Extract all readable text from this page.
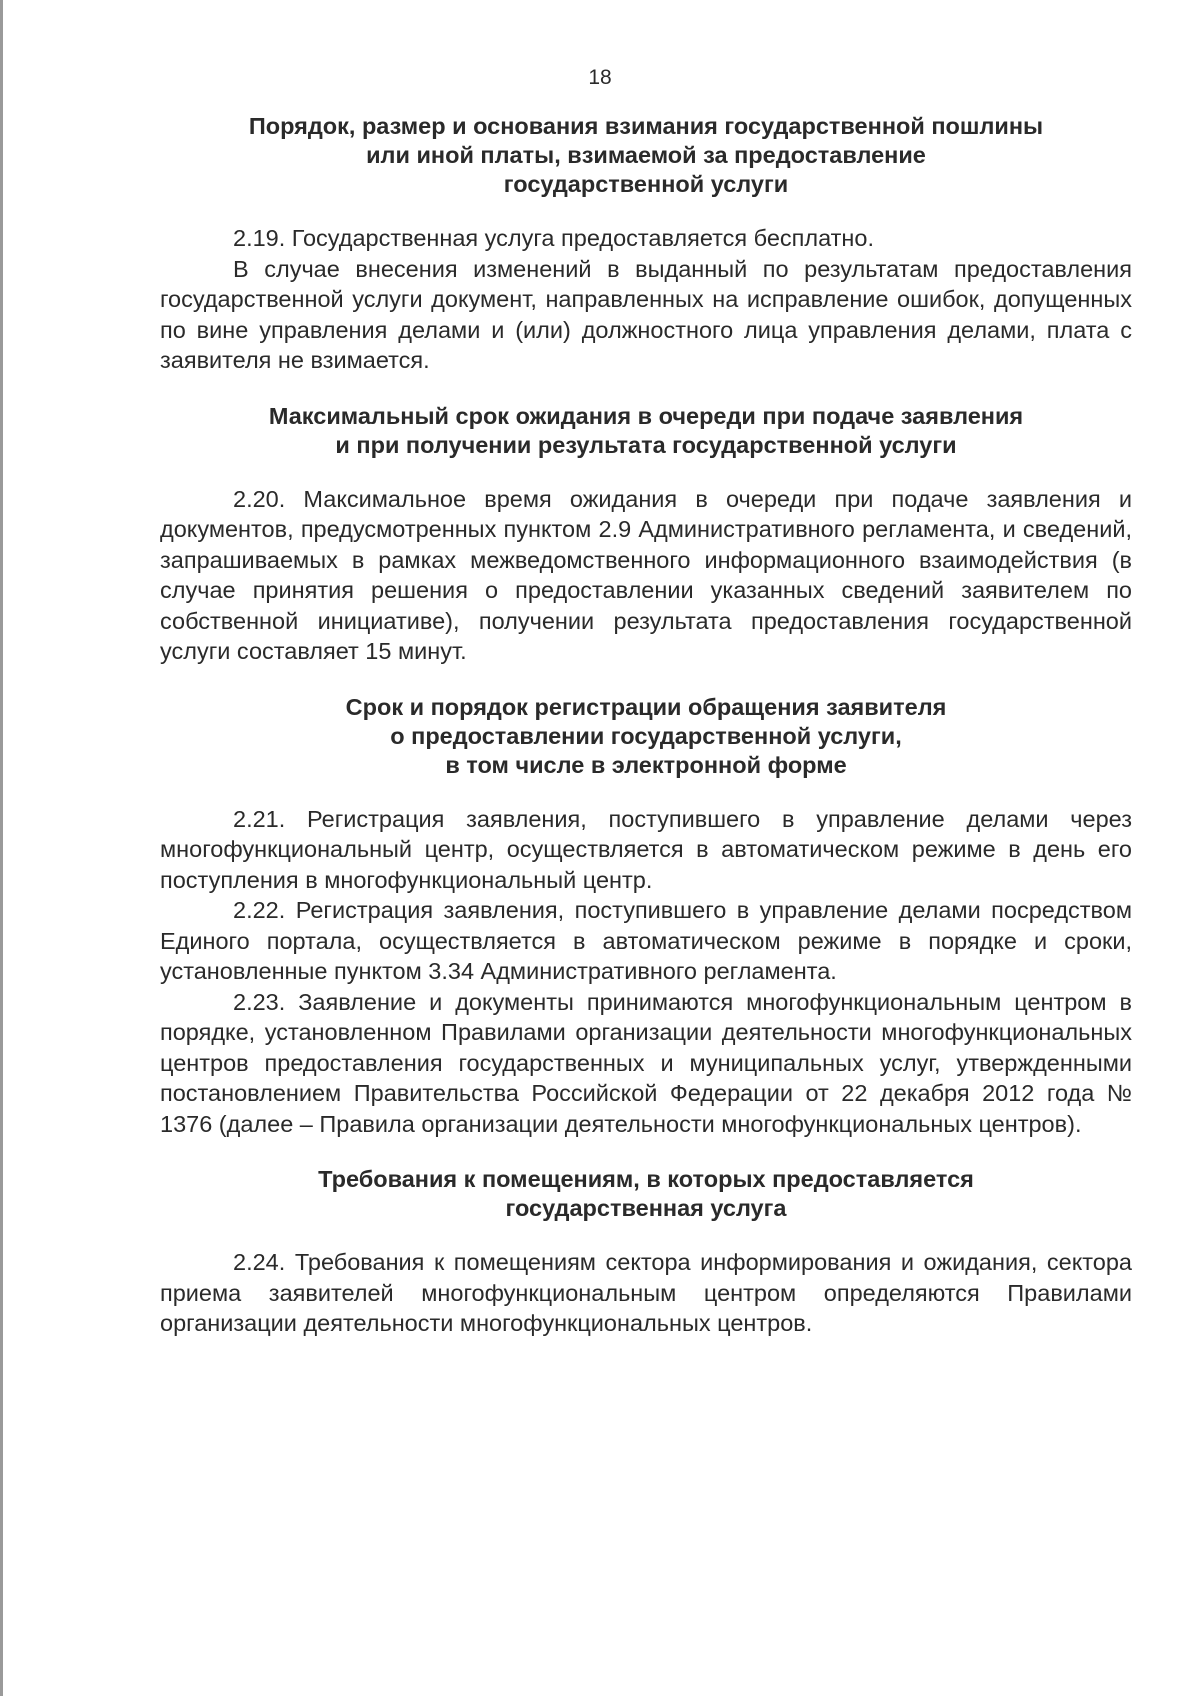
18
Порядок, размер и основания взимания государственной пошлины
или иной платы, взимаемой за предоставление
государственной услуги

2.19. Государственная услуга предоставляется бесплатно.

В случае внесения изменений в выданный по результатам предоставления государственной услуги документ, направленных на исправление ошибок, допущенных по вине управления делами и (или) должностного лица управления делами, плата с заявителя не взимается.

Максимальный срок ожидания в очереди при подаче заявления
и при получении результата государственной услуги

2.20. Максимальное время ожидания в очереди при подаче заявления и документов, предусмотренных пунктом 2.9 Административного регламента, и сведений, запрашиваемых в рамках межведомственного информационного взаимодействия (в случае принятия решения о предоставлении указанных сведений заявителем по собственной инициативе), получении результата предоставления государственной услуги составляет 15 минут.

Срок и порядок регистрации обращения заявителя
о предоставлении государственной услуги,
в том числе в электронной форме

2.21. Регистрация заявления, поступившего в управление делами через многофункциональный центр, осуществляется в автоматическом режиме в день его поступления в многофункциональный центр.

2.22. Регистрация заявления, поступившего в управление делами посредством Единого портала, осуществляется в автоматическом режиме в порядке и сроки, установленные пунктом 3.34 Административного регламента.

2.23. Заявление и документы принимаются многофункциональным центром в порядке, установленном Правилами организации деятельности многофункциональных центров предоставления государственных и муниципальных услуг, утвержденными постановлением Правительства Российской Федерации от 22 декабря 2012 года № 1376 (далее – Правила организации деятельности многофункциональных центров).

Требования к помещениям, в которых предоставляется
государственная услуга

2.24. Требования к помещениям сектора информирования и ожидания, сектора приема заявителей многофункциональным центром определяются Правилами организации деятельности многофункциональных центров.
